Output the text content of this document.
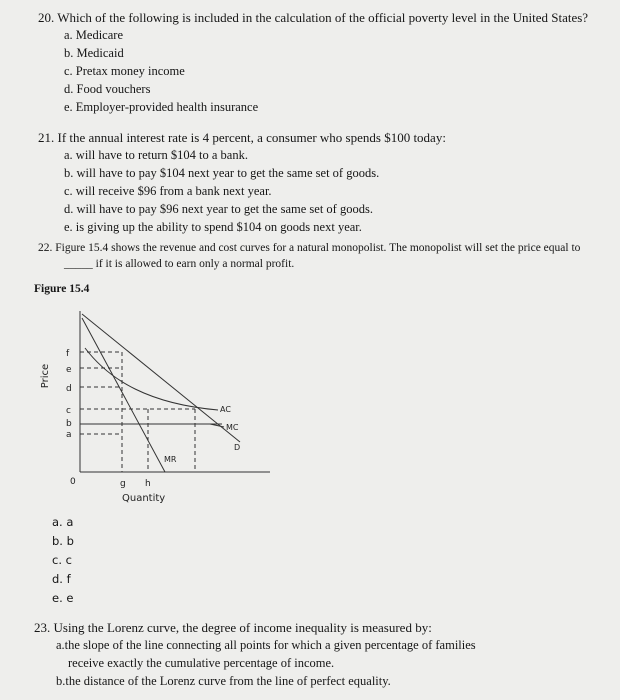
20. Which of the following is included in the calculation of the official poverty level in the United States?
a. Medicare
b. Medicaid
c. Pretax money income
d. Food vouchers
e. Employer-provided health insurance
21. If the annual interest rate is 4 percent, a consumer who spends $100 today:
a. will have to return $104 to a bank.
b. will have to pay $104 next year to get the same set of goods.
c. will receive $96 from a bank next year.
d. will have to pay $96 next year to get the same set of goods.
e. is giving up the ability to spend $104 on goods next year.
22. Figure 15.4 shows the revenue and cost curves for a natural monopolist. The monopolist will set the price equal to
_____ if it is allowed to earn only a normal profit.
Figure 15.4
Price
Quantity
f
e
d
c
b
a
0	g h
AC
MC
MR
D
a. a
b. b
c. c
d. f
e. e
23. Using the Lorenz curve, the degree of income inequality is measured by:
a.the slope of the line connecting all points for which a given percentage of families
receive exactly the cumulative percentage of income.
b.the distance of the Lorenz curve from the line of perfect equality.
